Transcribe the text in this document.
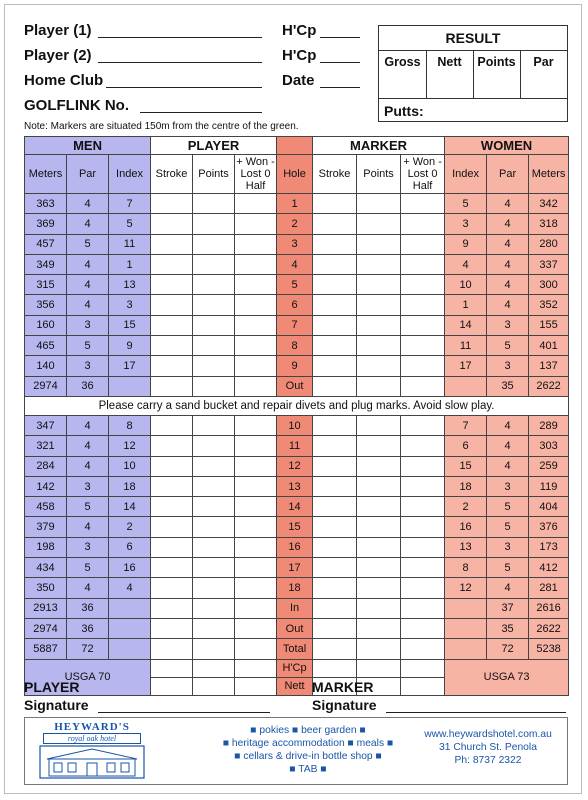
Player (1)
Player (2)
Home Club
GOLFLINK No.
H'Cp
H'Cp
Date
Note: Markers are situated 150m from the centre of the green.
RESULT
Gross	Nett	Points	Par
Putts:
MEN			PLAYER				MARKER			WOMEN		
Meters	Par	Index	Stroke	Points	+ Won - Lost 0 Half	Hole	Stroke	Points	+ Won - Lost 0 Half	Index	Par	Meters
363	4	7				1				5	4	342
369	4	5				2				3	4	318
457	5	11				3				9	4	280
349	4	1				4				4	4	337
315	4	13				5				10	4	300
356	4	3				6				1	4	352
160	3	15				7				14	3	155
465	5	9				8				11	5	401
140	3	17				9				17	3	137
2974	36					Out					35	2622
Please carry a sand bucket and repair divets and plug marks. Avoid slow play.												
347	4	8				10				7	4	289
321	4	12				11				6	4	303
284	4	10				12				15	4	259
142	3	18				13				18	3	119
458	5	14				14				2	5	404
379	4	2				15				16	5	376
198	3	6				16				13	3	173
434	5	16				17				8	5	412
350	4	4				18				12	4	281
2913	36					In					37	2616
2974	36					Out					35	2622
5887	72					Total					72	5238
USGA 70						H'Cp				USGA 73		
						Nett						
PLAYER
Signature
MARKER
Signature
HEYWARD'S
royal oak hotel
■ pokies ■ beer garden ■
■ heritage accommodation ■ meals ■
■ cellars & drive-in bottle shop ■
■ TAB ■
www.heywardshotel.com.au
31 Church St. Penola
Ph: 8737 2322
